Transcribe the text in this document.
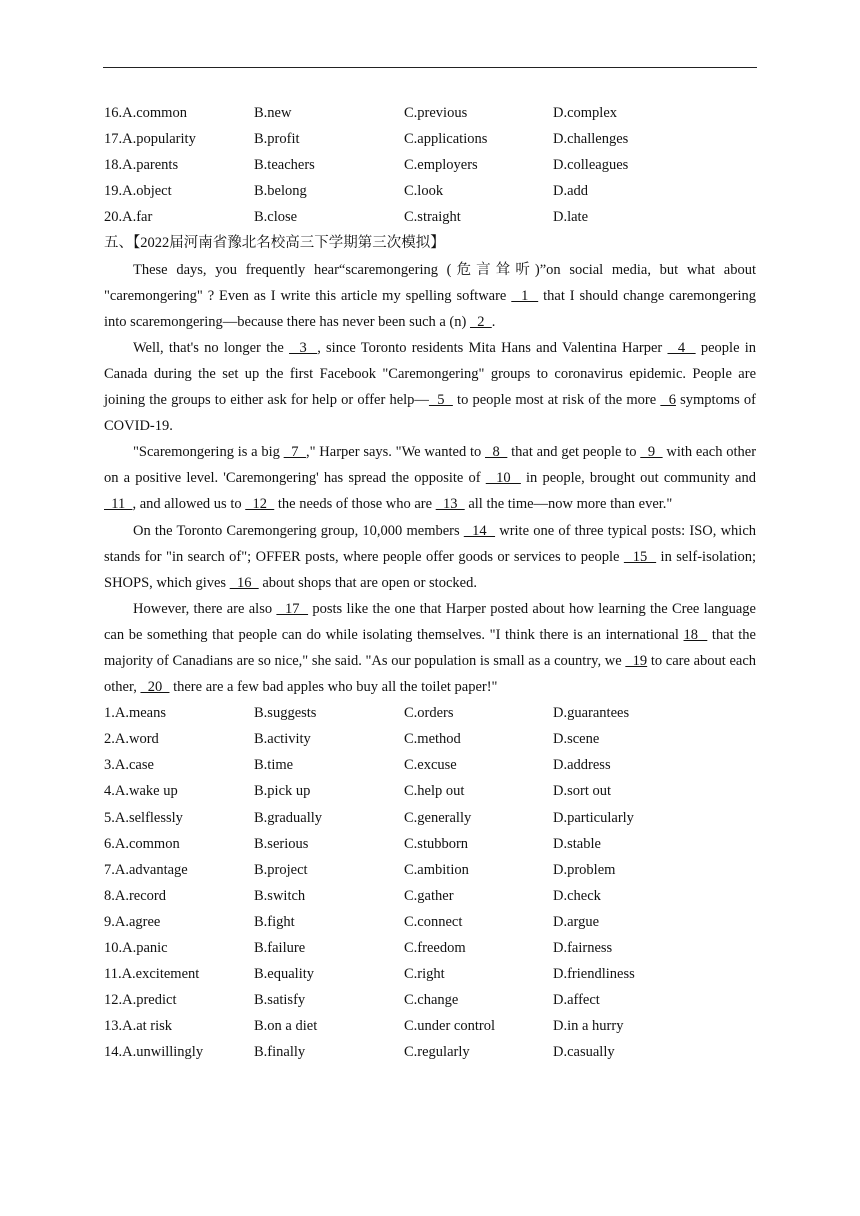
16.A.common	B.new	C.previous	D.complex
17.A.popularity	B.profit	C.applications	D.challenges
18.A.parents	B.teachers	C.employers	D.colleagues
19.A.object	B.belong	C.look	D.add
20.A.far	B.close	C.straight	D.late
五、【2022届河南省豫北名校高三下学期第三次模拟】

These days, you frequently hear“scaremongering (危言耸听)”on social media, but what about "caremongering" ? Even as I write this article my spelling software   1   that I should change caremongering into scaremongering—because there has never been such a (n)   2  .

Well, that's no longer the   3  , since Toronto residents Mita Hans and Valentina Harper   4   people in Canada during the set up the first Facebook "Caremongering" groups to coronavirus epidemic. People are joining the groups to either ask for help or offer help—  5   to people most at risk of the more   6 symptoms of COVID-19.

"Scaremongering is a big   7  ," Harper says. "We wanted to   8   that and get people to   9   with each other on a positive level. 'Caremongering' has spread the opposite of   10   in people, brought out community and   11  , and allowed us to   12   the needs of those who are   13   all the time—now more than ever."

On the Toronto Caremongering group, 10,000 members   14   write one of three typical posts: ISO, which stands for "in search of"; OFFER posts, where people offer goods or services to people   15   in self-isolation; SHOPS, which gives   16   about shops that are open or stocked.

However, there are also   17   posts like the one that Harper posted about how learning the Cree language can be something that people can do while isolating themselves. "I think there is an international 18   that the majority of Canadians are so nice," she said. "As our population is small as a country, we   19 to care about each other,   20   there are a few bad apples who buy all the toilet paper!"

1.A.means	B.suggests	C.orders	D.guarantees
2.A.word	B.activity	C.method	D.scene
3.A.case	B.time	C.excuse	D.address
4.A.wake up	B.pick up	C.help out	D.sort out
5.A.selflessly	B.gradually	C.generally	D.particularly
6.A.common	B.serious	C.stubborn	D.stable
7.A.advantage	B.project	C.ambition	D.problem
8.A.record	B.switch	C.gather	D.check
9.A.agree	B.fight	C.connect	D.argue
10.A.panic	B.failure	C.freedom	D.fairness
11.A.excitement	B.equality	C.right	D.friendliness
12.A.predict	B.satisfy	C.change	D.affect
13.A.at risk	B.on a diet	C.under control	D.in a hurry
14.A.unwillingly	B.finally	C.regularly	D.casually
